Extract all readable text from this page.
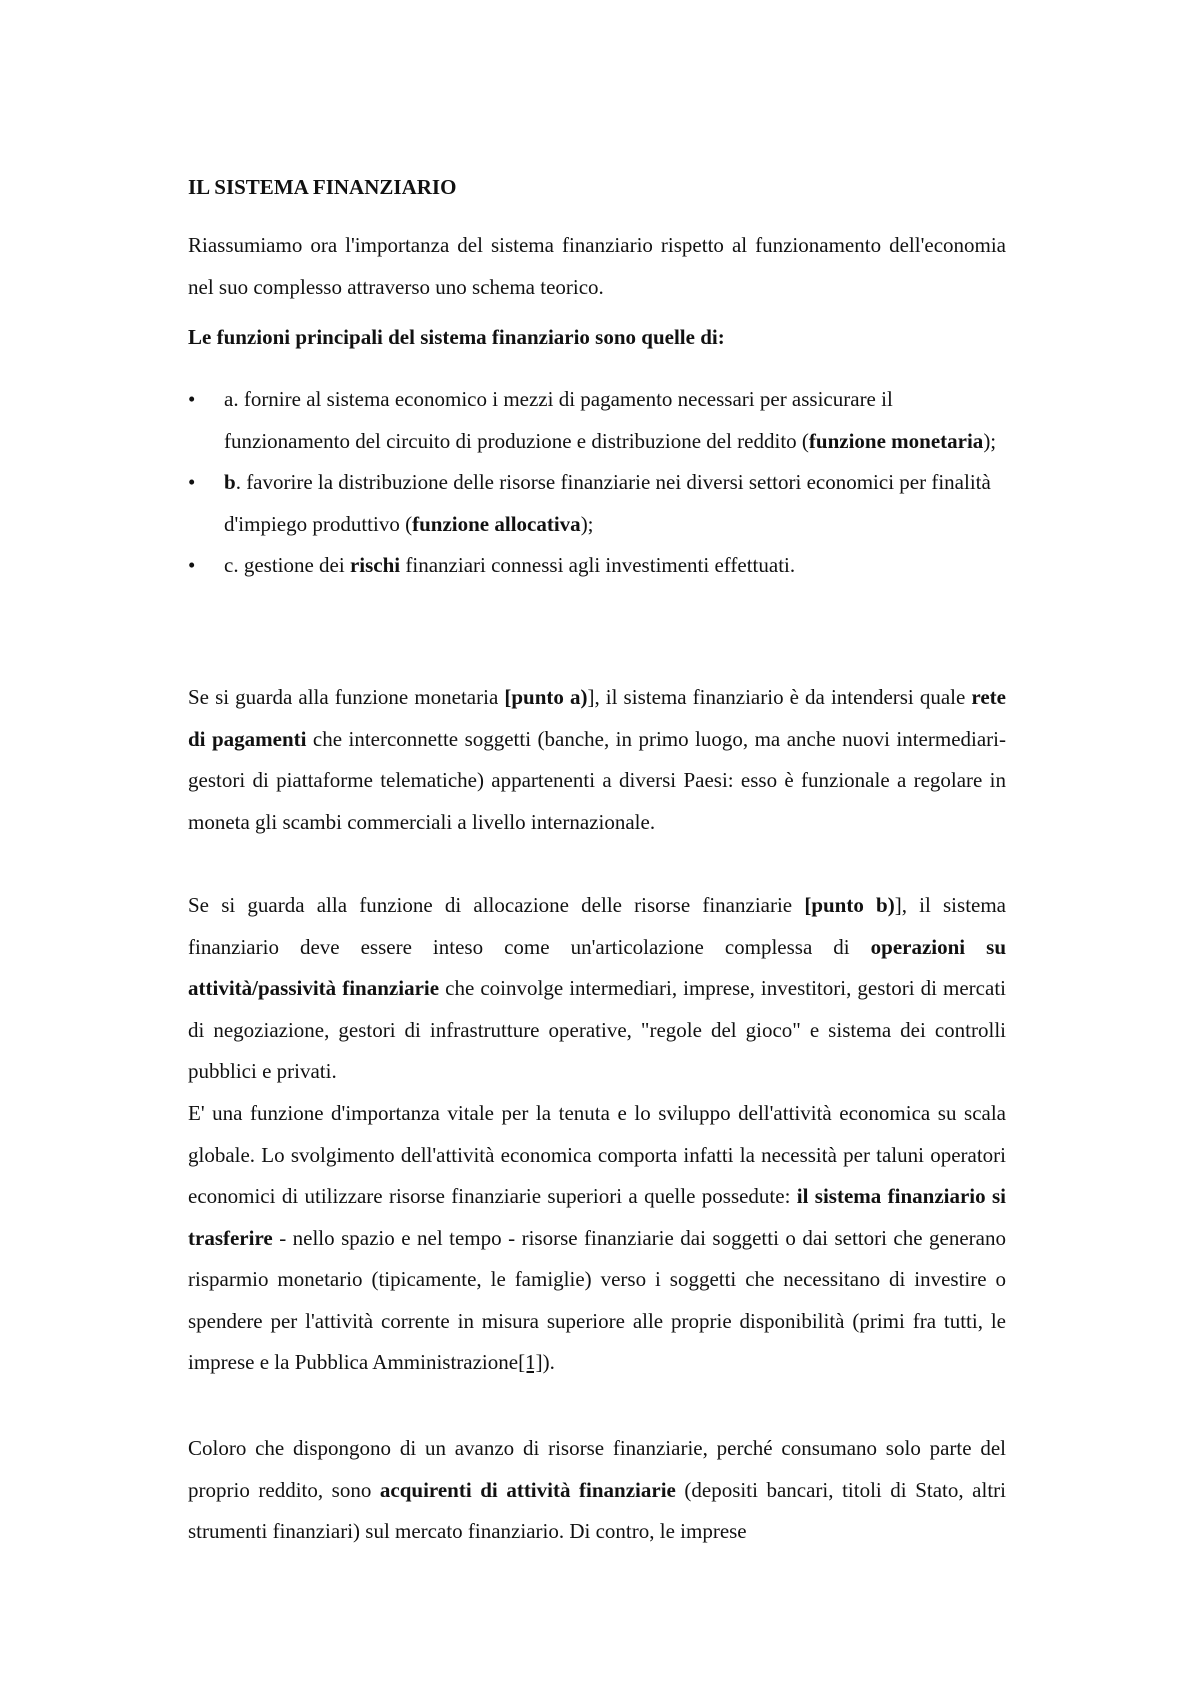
IL SISTEMA FINANZIARIO

Riassumiamo ora l'importanza del sistema finanziario rispetto al funzionamento dell'economia nel suo complesso attraverso uno schema teorico.

Le funzioni principali del sistema finanziario sono quelle di:

•	a. fornire al sistema economico i mezzi di pagamento necessari per assicurare il funzionamento del circuito di produzione e distribuzione del reddito (funzione monetaria);
•	b. favorire la distribuzione delle risorse finanziarie nei diversi settori economici per finalità d'impiego produttivo (funzione allocativa);
•	c. gestione dei rischi finanziari connessi agli investimenti effettuati.

Se si guarda alla funzione monetaria [punto a)], il sistema finanziario è da intendersi quale rete di pagamenti che interconnette soggetti (banche, in primo luogo, ma anche nuovi intermediari-gestori di piattaforme telematiche) appartenenti a diversi Paesi: esso è funzionale a regolare in moneta gli scambi commerciali a livello internazionale.

Se si guarda alla funzione di allocazione delle risorse finanziarie [punto b)], il sistema finanziario deve essere inteso come un'articolazione complessa di operazioni su attività/passività finanziarie che coinvolge intermediari, imprese, investitori, gestori di mercati di negoziazione, gestori di infrastrutture operative, "regole del gioco" e sistema dei controlli pubblici e privati.

E' una funzione d'importanza vitale per la tenuta e lo sviluppo dell'attività economica su scala globale. Lo svolgimento dell'attività economica comporta infatti la necessità per taluni operatori economici di utilizzare risorse finanziarie superiori a quelle possedute: il sistema finanziario si trasferire - nello spazio e nel tempo - risorse finanziarie dai soggetti o dai settori che generano risparmio monetario (tipicamente, le famiglie) verso i soggetti che necessitano di investire o spendere per l'attività corrente in misura superiore alle proprie disponibilità (primi fra tutti, le imprese e la Pubblica Amministrazione[1]).

Coloro che dispongono di un avanzo di risorse finanziarie, perché consumano solo parte del proprio reddito, sono acquirenti di attività finanziarie (depositi bancari, titoli di Stato, altri strumenti finanziari) sul mercato finanziario. Di contro, le imprese
